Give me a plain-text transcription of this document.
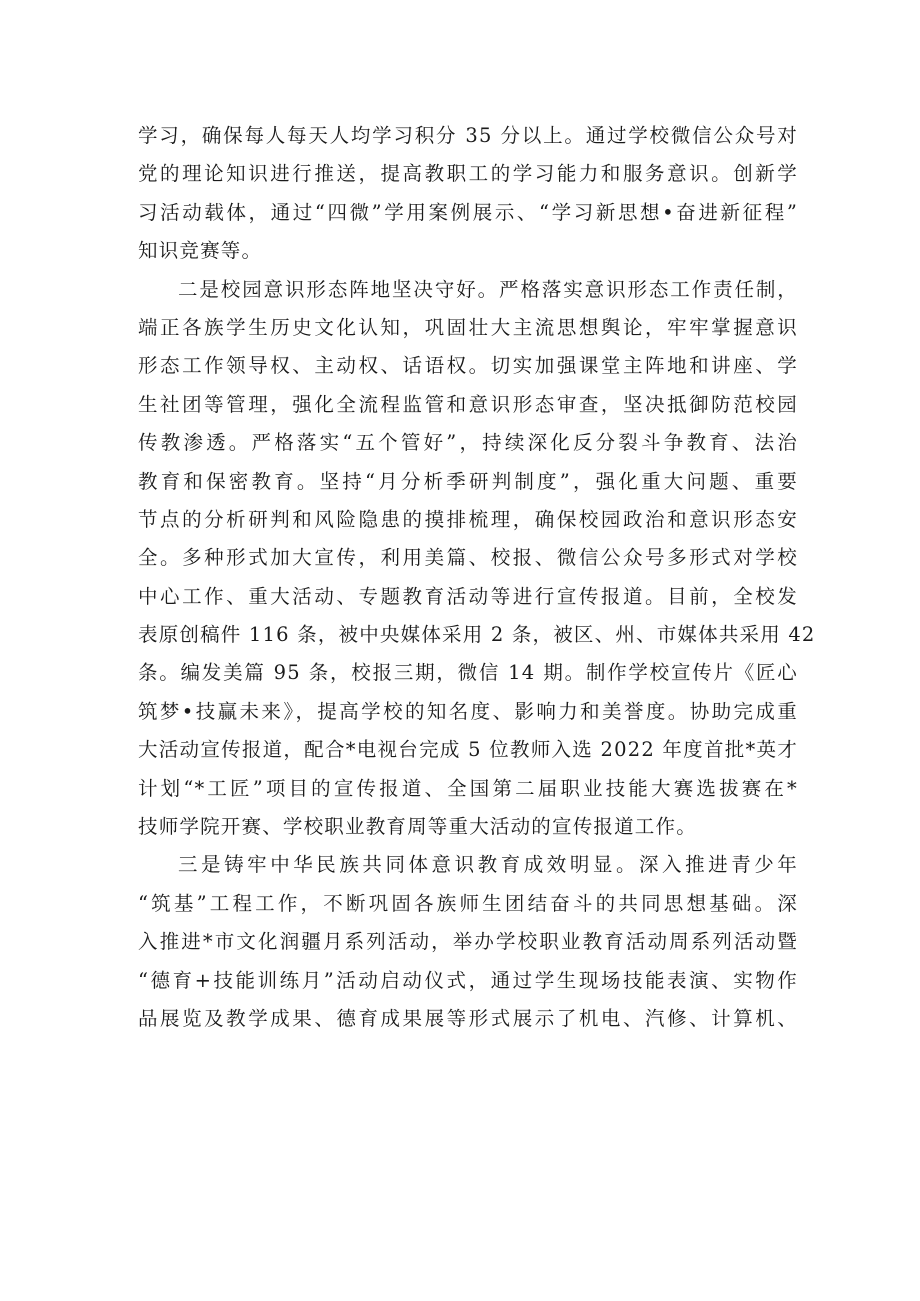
学习，确保每人每天人均学习积分 35 分以上。通过学校微信公众号对
党的理论知识进行推送，提高教职工的学习能力和服务意识。创新学
习活动载体，通过“四微”学用案例展示、“学习新思想•奋进新征程”
知识竞赛等。
二是校园意识形态阵地坚决守好。严格落实意识形态工作责任制，
端正各族学生历史文化认知，巩固壮大主流思想舆论，牢牢掌握意识
形态工作领导权、主动权、话语权。切实加强课堂主阵地和讲座、学
生社团等管理，强化全流程监管和意识形态审查，坚决抵御防范校园
传教渗透。严格落实“五个管好”，持续深化反分裂斗争教育、法治
教育和保密教育。坚持“月分析季研判制度”，强化重大问题、重要
节点的分析研判和风险隐患的摸排梳理，确保校园政治和意识形态安
全。多种形式加大宣传，利用美篇、校报、微信公众号多形式对学校
中心工作、重大活动、专题教育活动等进行宣传报道。目前，全校发
表原创稿件 116 条，被中央媒体采用 2 条，被区、州、市媒体共采用 42
条。编发美篇 95 条，校报三期，微信 14 期。制作学校宣传片《匠心
筑梦•技赢未来》，提高学校的知名度、影响力和美誉度。协助完成重
大活动宣传报道，配合*电视台完成 5 位教师入选 2022 年度首批*英才
计划“*工匠”项目的宣传报道、全国第二届职业技能大赛选拔赛在*
技师学院开赛、学校职业教育周等重大活动的宣传报道工作。
三是铸牢中华民族共同体意识教育成效明显。深入推进青少年
“筑基”工程工作，不断巩固各族师生团结奋斗的共同思想基础。深
入推进*市文化润疆月系列活动，举办学校职业教育活动周系列活动暨
“德育+技能训练月”活动启动仪式，通过学生现场技能表演、实物作
品展览及教学成果、德育成果展等形式展示了机电、汽修、计算机、
